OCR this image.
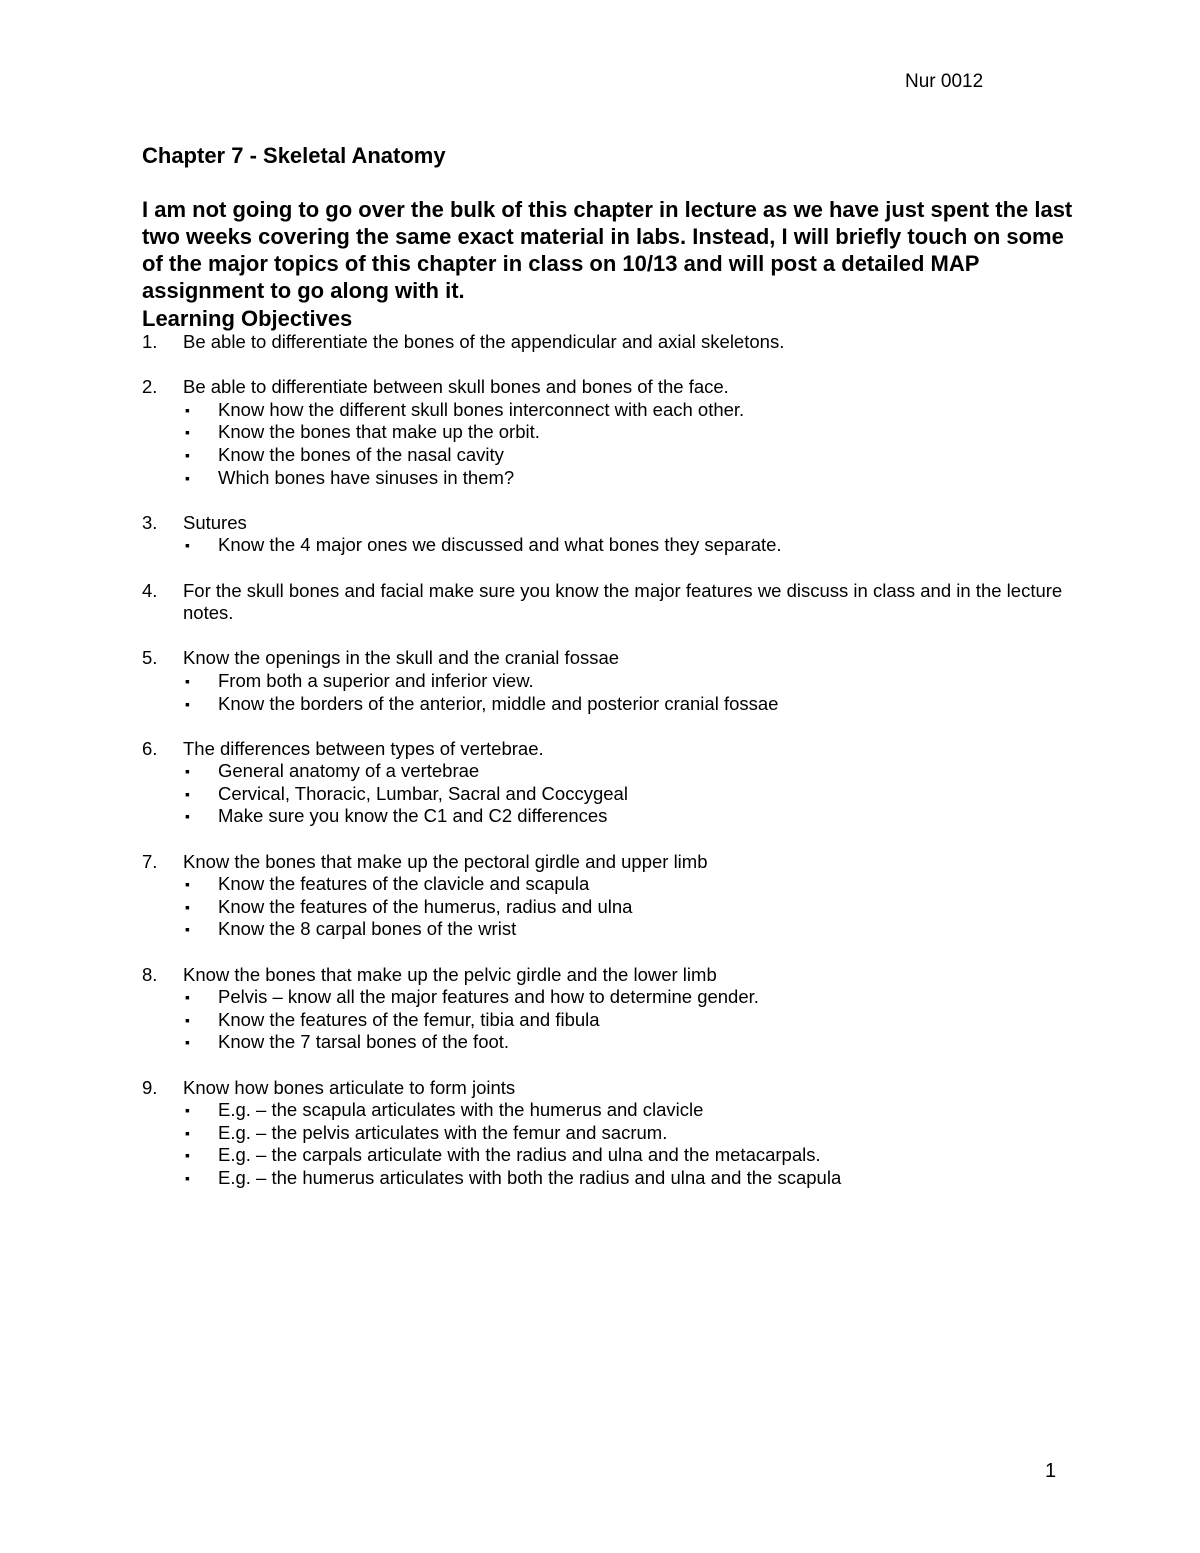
Nur 0012
Chapter 7 - Skeletal Anatomy

I am not going to go over the bulk of this chapter in lecture as we have just spent the last two weeks covering the same exact material in labs. Instead, I will briefly touch on some of the major topics of this chapter in class on 10/13 and will post a detailed MAP assignment to go along with it.

Learning Objectives
1. Be able to differentiate the bones of the appendicular and axial skeletons.
2. Be able to differentiate between skull bones and bones of the face.
▪ Know how the different skull bones interconnect with each other.
▪ Know the bones that make up the orbit.
▪ Know the bones of the nasal cavity
▪ Which bones have sinuses in them?
3. Sutures
▪ Know the 4 major ones we discussed and what bones they separate.
4. For the skull bones and facial make sure you know the major features we discuss in class and in the lecture notes.
5. Know the openings in the skull and the cranial fossae
▪ From both a superior and inferior view.
▪ Know the borders of the anterior, middle and posterior cranial fossae
6. The differences between types of vertebrae.
▪ General anatomy of a vertebrae
▪ Cervical, Thoracic, Lumbar, Sacral and Coccygeal
▪ Make sure you know the C1 and C2 differences
7. Know the bones that make up the pectoral girdle and upper limb
▪ Know the features of the clavicle and scapula
▪ Know the features of the humerus, radius and ulna
▪ Know the 8 carpal bones of the wrist
8. Know the bones that make up the pelvic girdle and the lower limb
▪ Pelvis – know all the major features and how to determine gender.
▪ Know the features of the femur, tibia and fibula
▪ Know the 7 tarsal bones of the foot.
9. Know how bones articulate to form joints
▪ E.g. – the scapula articulates with the humerus and clavicle
▪ E.g. – the pelvis articulates with the femur and sacrum.
▪ E.g. – the carpals articulate with the radius and ulna and the metacarpals.
▪ E.g. – the humerus articulates with both the radius and ulna and the scapula
1
